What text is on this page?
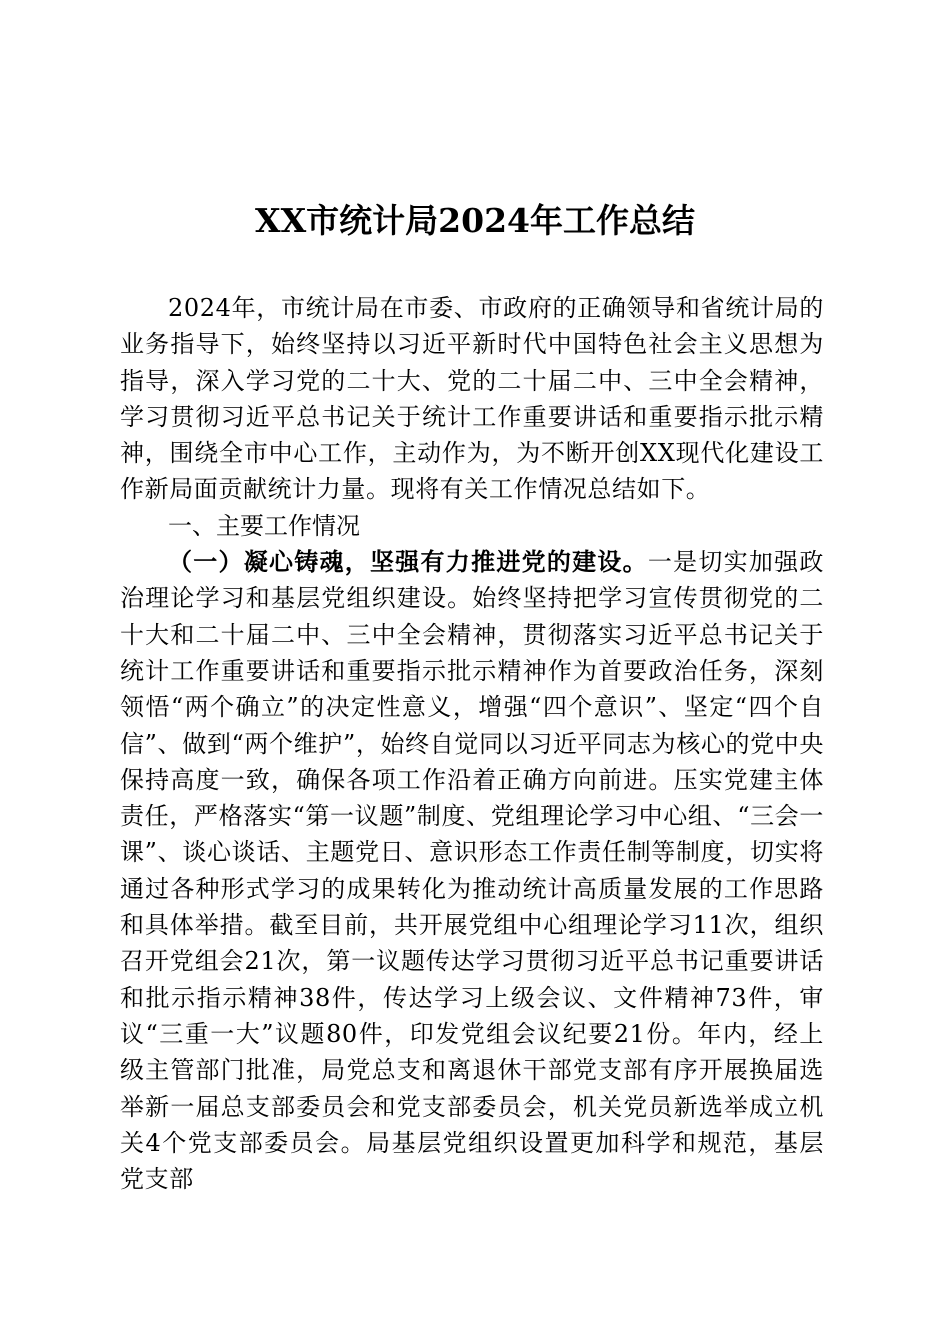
XX市统计局2024年工作总结

2024年，市统计局在市委、市政府的正确领导和省统计局的业务指导下，始终坚持以习近平新时代中国特色社会主义思想为指导，深入学习党的二十大、党的二十届二中、三中全会精神，学习贯彻习近平总书记关于统计工作重要讲话和重要指示批示精神，围绕全市中心工作，主动作为，为不断开创XX现代化建设工作新局面贡献统计力量。现将有关工作情况总结如下。

一、主要工作情况

（一）凝心铸魂，坚强有力推进党的建设。一是切实加强政治理论学习和基层党组织建设。始终坚持把学习宣传贯彻党的二十大和二十届二中、三中全会精神，贯彻落实习近平总书记关于统计工作重要讲话和重要指示批示精神作为首要政治任务，深刻领悟“两个确立”的决定性意义，增强“四个意识”、坚定“四个自信”、做到“两个维护”，始终自觉同以习近平同志为核心的党中央保持高度一致，确保各项工作沿着正确方向前进。压实党建主体责任，严格落实“第一议题”制度、党组理论学习中心组、“三会一课”、谈心谈话、主题党日、意识形态工作责任制等制度，切实将通过各种形式学习的成果转化为推动统计高质量发展的工作思路和具体举措。截至目前，共开展党组中心组理论学习11次，组织召开党组会21次，第一议题传达学习贯彻习近平总书记重要讲话和批示指示精神38件，传达学习上级会议、文件精神73件，审议“三重一大”议题80件，印发党组会议纪要21份。年内，经上级主管部门批准，局党总支和离退休干部党支部有序开展换届选举新一届总支部委员会和党支部委员会，机关党员新选举成立机关4个党支部委员会。局基层党组织设置更加科学和规范，基层党支部
